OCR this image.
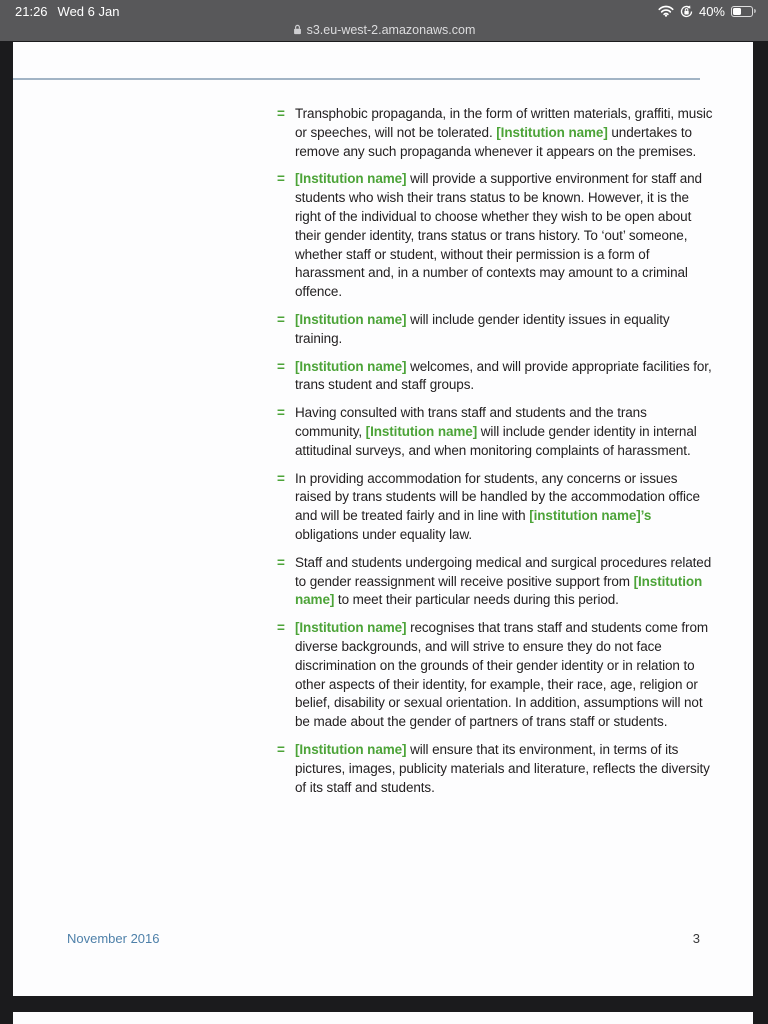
21:26 Wed 6 Jan	40%
s3.eu-west-2.amazonaws.com
= Transphobic propaganda, in the form of written materials, graffiti, music or speeches, will not be tolerated. [Institution name] undertakes to remove any such propaganda whenever it appears on the premises.

= [Institution name] will provide a supportive environment for staff and students who wish their trans status to be known. However, it is the right of the individual to choose whether they wish to be open about their gender identity, trans status or trans history. To ‘out’ someone, whether staff or student, without their permission is a form of harassment and, in a number of contexts may amount to a criminal offence.

= [Institution name] will include gender identity issues in equality training.

= [Institution name] welcomes, and will provide appropriate facilities for, trans student and staff groups.

= Having consulted with trans staff and students and the trans community, [Institution name] will include gender identity in internal attitudinal surveys, and when monitoring complaints of harassment.

= In providing accommodation for students, any concerns or issues raised by trans students will be handled by the accommodation office and will be treated fairly and in line with [institution name]’s obligations under equality law.

= Staff and students undergoing medical and surgical procedures related to gender reassignment will receive positive support from [Institution name] to meet their particular needs during this period.

= [Institution name] recognises that trans staff and students come from diverse backgrounds, and will strive to ensure they do not face discrimination on the grounds of their gender identity or in relation to other aspects of their identity, for example, their race, age, religion or belief, disability or sexual orientation. In addition, assumptions will not be made about the gender of partners of trans staff or students.

= [Institution name] will ensure that its environment, in terms of its pictures, images, publicity materials and literature, reflects the diversity of its staff and students.

November 2016	3
